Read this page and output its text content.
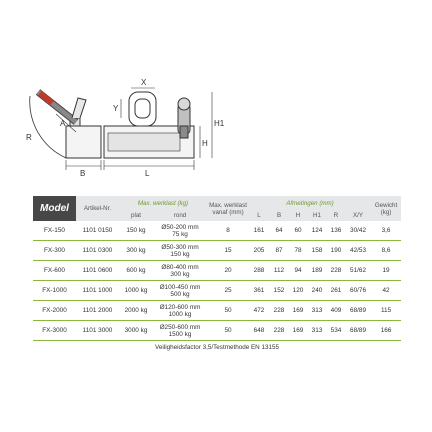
X
Y
R
A
B
H
H1
L
Model	Artikel-Nr.	Max. werklast (kg)		Max. werklast vanaf (mm)	Afmetingen (mm)						Gewicht (kg)
		plat	rond		L	B	H	H1	R	X/Y	
FX-150	1101 0150	150 kg	Ø50-200 mm
75 kg	8	161	64	60	124	136	30/42	3,6
FX-300	1101 0300	300 kg	Ø50-300 mm
150 kg	15	205	87	78	158	190	42/53	8,6
FX-600	1101 0600	600 kg	Ø80-400 mm
300 kg	20	288	112	94	189	228	51/62	19
FX-1000	1101 1000	1000 kg	Ø100-450 mm
500 kg	25	361	152	120	240	261	60/76	42
FX-2000	1101 2000	2000 kg	Ø120-600 mm
1000 kg	50	472	228	169	313	409	68/89	115
FX-3000	1101 3000	3000 kg	Ø250-600 mm
1500 kg	50	648	228	169	313	534	68/89	166
Veiligheidsfactor 3,5/Testmethode EN 13155											
